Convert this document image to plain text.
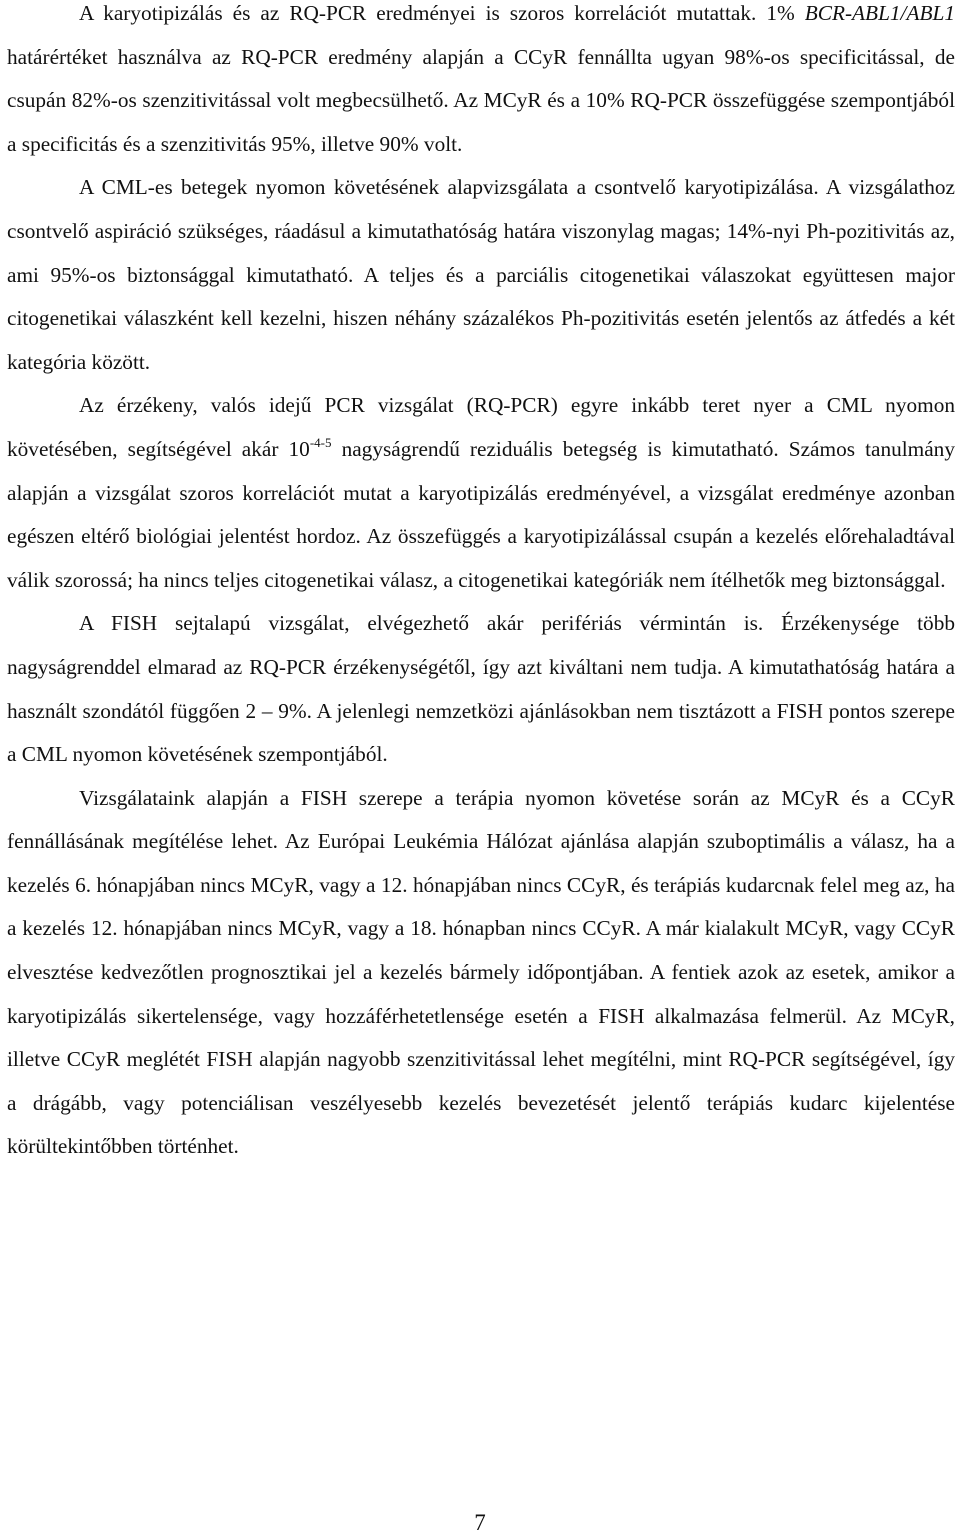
A karyotipizálás és az RQ-PCR eredményei is szoros korrelációt mutattak. 1% BCR-ABL1/ABL1 határértéket használva az RQ-PCR eredmény alapján a CCyR fennállta ugyan 98%-os specificitással, de csupán 82%-os szenzitivitással volt megbecsülhető. Az MCyR és a 10% RQ-PCR összefüggése szempontjából a specificitás és a szenzitivitás 95%, illetve 90% volt.

A CML-es betegek nyomon követésének alapvizsgálata a csontvelő karyotipizálása. A vizsgálathoz csontvelő aspiráció szükséges, ráadásul a kimutathatóság határa viszonylag magas; 14%-nyi Ph-pozitivitás az, ami 95%-os biztonsággal kimutatható. A teljes és a parciális citogenetikai válaszokat együttesen major citogenetikai válaszként kell kezelni, hiszen néhány százalékos Ph-pozitivitás esetén jelentős az átfedés a két kategória között.

Az érzékeny, valós idejű PCR vizsgálat (RQ-PCR) egyre inkább teret nyer a CML nyomon követésében, segítségével akár $10^{-4-5}$ nagyságrendű reziduális betegség is kimutatható. Számos tanulmány alapján a vizsgálat szoros korrelációt mutat a karyotipizálás eredményével, a vizsgálat eredménye azonban egészen eltérő biológiai jelentést hordoz. Az összefüggés a karyotipizálással csupán a kezelés előrehaladtával válik szorossá; ha nincs teljes citogenetikai válasz, a citogenetikai kategóriák nem ítélhetők meg biztonsággal.

A FISH sejtalapú vizsgálat, elvégezhető akár perifériás vérmintán is. Érzékenysége több nagyságrenddel elmarad az RQ-PCR érzékenységétől, így azt kiváltani nem tudja. A kimutathatóság határa a használt szondától függően 2 – 9%. A jelenlegi nemzetközi ajánlásokban nem tisztázott a FISH pontos szerepe a CML nyomon követésének szempontjából.

Vizsgálataink alapján a FISH szerepe a terápia nyomon követése során az MCyR és a CCyR fennállásának megítélése lehet. Az Európai Leukémia Hálózat ajánlása alapján szuboptimális a válasz, ha a kezelés 6. hónapjában nincs MCyR, vagy a 12. hónapjában nincs CCyR, és terápiás kudarcnak felel meg az, ha a kezelés 12. hónapjában nincs MCyR, vagy a 18. hónapban nincs CCyR. A már kialakult MCyR, vagy CCyR elvesztése kedvezőtlen prognosztikai jel a kezelés bármely időpontjában. A fentiek azok az esetek, amikor a karyotipizálás sikertelensége, vagy hozzáférhetetlensége esetén a FISH alkalmazása felmerül. Az MCyR, illetve CCyR meglétét FISH alapján nagyobb szenzitivitással lehet megítélni, mint RQ-PCR segítségével, így a drágább, vagy potenciálisan veszélyesebb kezelés bevezetését jelentő terápiás kudarc kijelentése körültekintőbben történhet.

7
